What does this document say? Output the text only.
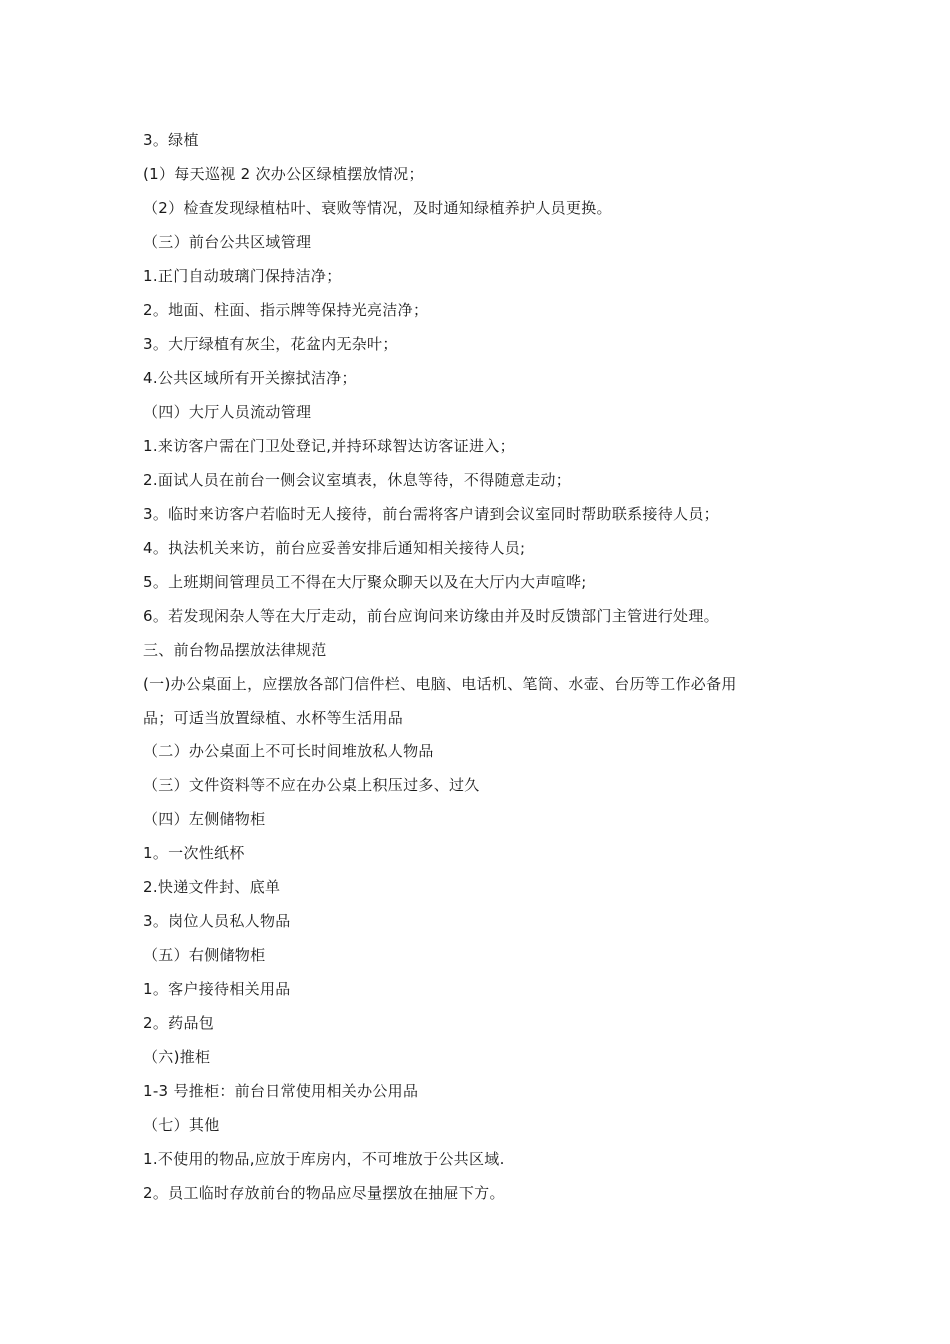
3。绿植
(1）每天巡视 2 次办公区绿植摆放情况；
（2）检查发现绿植枯叶、衰败等情况，及时通知绿植养护人员更换。
（三）前台公共区域管理
1.正门自动玻璃门保持洁净；
2。地面、柱面、指示牌等保持光亮洁净；
3。大厅绿植有灰尘，花盆内无杂叶；
4.公共区域所有开关擦拭洁净；
（四）大厅人员流动管理
1.来访客户需在门卫处登记,并持环球智达访客证进入；
2.面试人员在前台一侧会议室填表，休息等待，不得随意走动；
3。临时来访客户若临时无人接待，前台需将客户请到会议室同时帮助联系接待人员；
4。执法机关来访，前台应妥善安排后通知相关接待人员;
5。上班期间管理员工不得在大厅聚众聊天以及在大厅内大声喧哗;
6。若发现闲杂人等在大厅走动，前台应询问来访缘由并及时反馈部门主管进行处理。
三、前台物品摆放法律规范
(一)办公桌面上，应摆放各部门信件栏、电脑、电话机、笔筒、水壶、台历等工作必备用
品；可适当放置绿植、水杯等生活用品
（二）办公桌面上不可长时间堆放私人物品
（三）文件资料等不应在办公桌上积压过多、过久
（四）左侧储物柜
1。一次性纸杯
2.快递文件封、底单
3。岗位人员私人物品
（五）右侧储物柜
1。客户接待相关用品
2。药品包
（六)推柜
1-3 号推柜：前台日常使用相关办公用品
（七）其他
1.不使用的物品,应放于库房内，不可堆放于公共区域.
2。员工临时存放前台的物品应尽量摆放在抽屉下方。
